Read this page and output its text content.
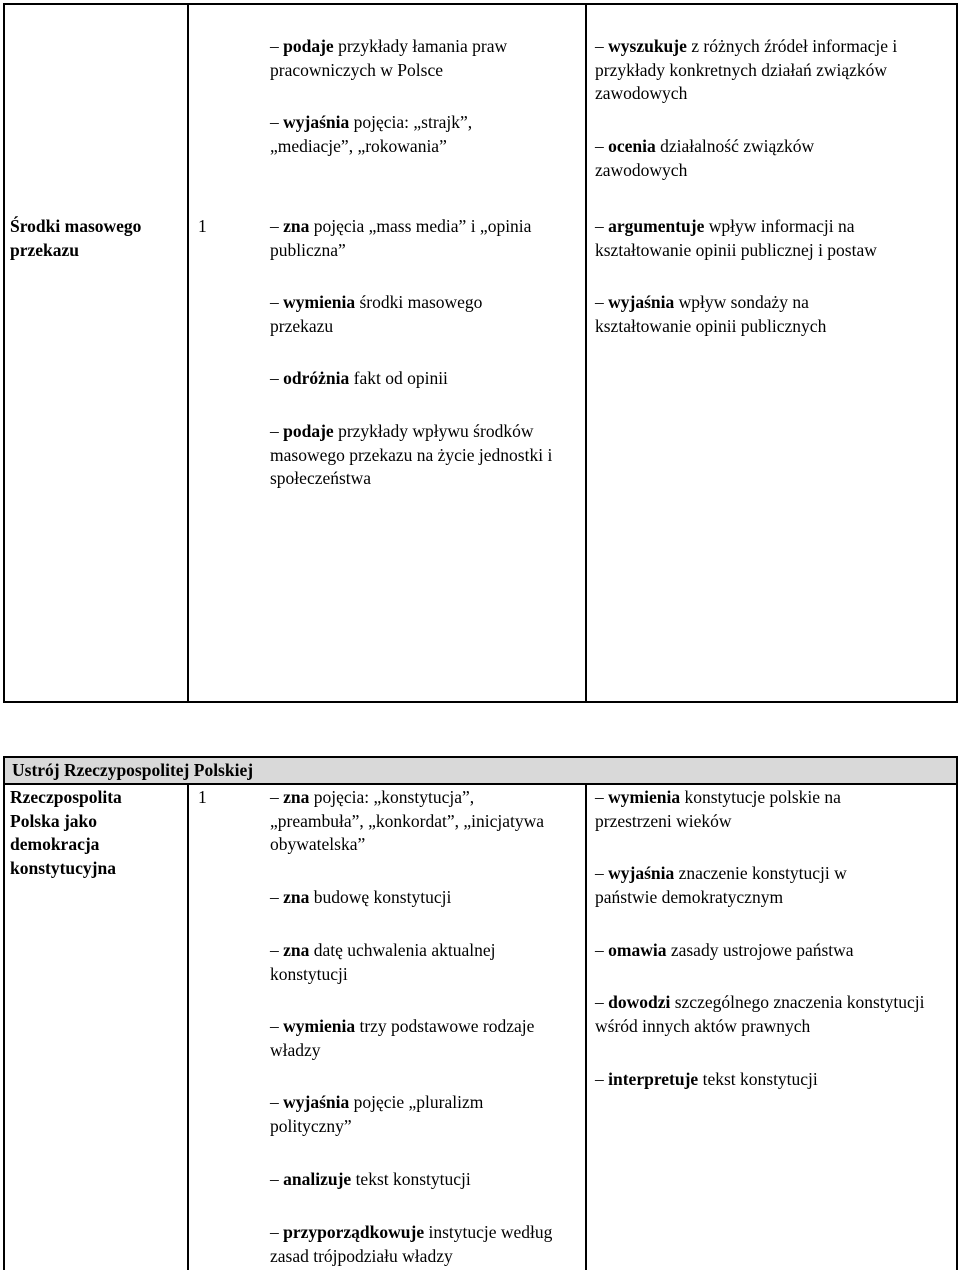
– podaje przykłady łamania praw pracowniczych w Polsce
– wyjaśnia pojęcia: „strajk”, „mediacje”, „rokowania”
– wyszukuje z różnych źródeł informacje i przykłady konkretnych działań związków zawodowych
– ocenia działalność związków zawodowych
Środki masowego przekazu
1	– zna pojęcia „mass media” i „opinia publiczna”
– wymienia środki masowego przekazu
– odróżnia fakt od opinii
– podaje przykłady wpływu środków masowego przekazu na życie jednostki i społeczeństwa
– argumentuje wpływ informacji na kształtowanie opinii publicznej i postaw
– wyjaśnia wpływ sondaży na kształtowanie opinii publicznych
Ustrój Rzeczypospolitej Polskiej
Rzeczpospolita Polska jako demokracja konstytucyjna
1	– zna pojęcia: „konstytucja”, „preambuła”, „konkordat”, „inicjatywa obywatelska”
– zna budowę konstytucji
– zna datę uchwalenia aktualnej konstytucji
– wymienia trzy podstawowe rodzaje władzy
– wyjaśnia pojęcie „pluralizm polityczny”
– analizuje tekst konstytucji
– przyporządkowuje instytucje według zasad trójpodziału władzy
– wymienia konstytucje polskie na przestrzeni wieków
– wyjaśnia znaczenie konstytucji w państwie demokratycznym
– omawia zasady ustrojowe państwa
– dowodzi szczególnego znaczenia konstytucji wśród innych aktów prawnych
– interpretuje tekst konstytucji
